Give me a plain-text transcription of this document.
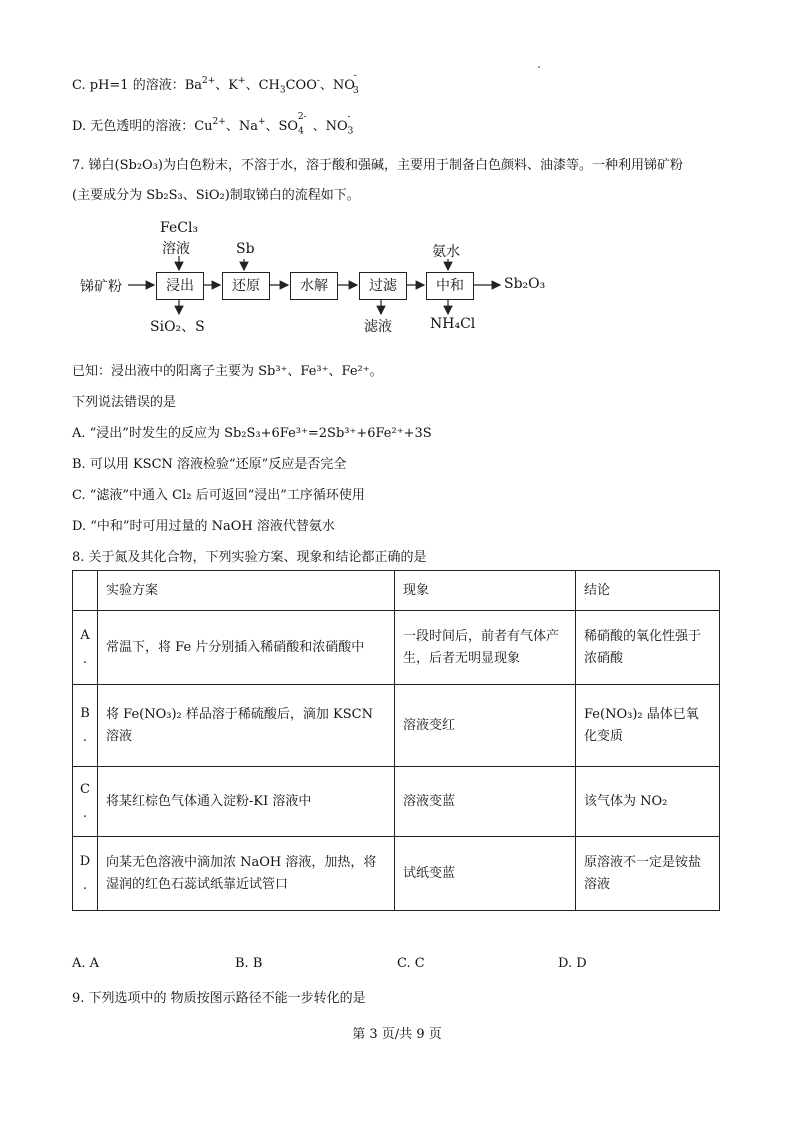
C. pH=1 的溶液：$Ba^{2+}$、K+、$CH_3COO^-$、$NO_3^-$
D. 无色透明的溶液：$Cu^{2+}$、Na+、$SO_4^{2-}$、$NO_3^-$
7. 锑白(Sb₂O₃)为白色粉末，不溶于水，溶于酸和强碱，主要用于制备白色颜料、油漆等。一种利用锑矿粉
(主要成分为 Sb₂S₃、SiO₂)制取锑白的流程如下。
锑矿粉	浸出	还原	水解	过滤	中和	Sb₂O₃
FeCl₃
溶液	Sb	氨水
SiO₂、S	滤液	NH₄Cl
已知：浸出液中的阳离子主要为 Sb³⁺、Fe³⁺、Fe²⁺。
下列说法错误的是
A. “浸出”时发生的反应为 Sb₂S₃+6Fe³⁺=2Sb³⁺+6Fe²⁺+3S
B. 可以用 KSCN 溶液检验“还原”反应是否完全
C. “滤液”中通入 Cl₂ 后可返回“浸出”工序循环使用
D. “中和”时可用过量的 NaOH 溶液代替氨水
8. 关于氮及其化合物，下列实验方案、现象和结论都正确的是
	实验方案	现象	结论
A
.	常温下，将 Fe 片分别插入稀硝酸和浓硝酸中	一段时间后，前者有气体产生，后者无明显现象	稀硝酸的氧化性强于浓硝酸
B
.	将 Fe(NO₃)₂ 样品溶于稀硫酸后，滴加 KSCN 溶液	溶液变红	Fe(NO₃)₂ 晶体已氧化变质
C
.	将某红棕色气体通入淀粉-KI 溶液中	溶液变蓝	该气体为 NO₂
D
.	向某无色溶液中滴加浓 NaOH 溶液，加热，将湿润的红色石蕊试纸靠近试管口	试纸变蓝	原溶液不一定是铵盐溶液
A. A	B. B	C. C	D. D
9. 下列选项中的 物质按图示路径不能一步转化的是
第 3 页/共 9 页
